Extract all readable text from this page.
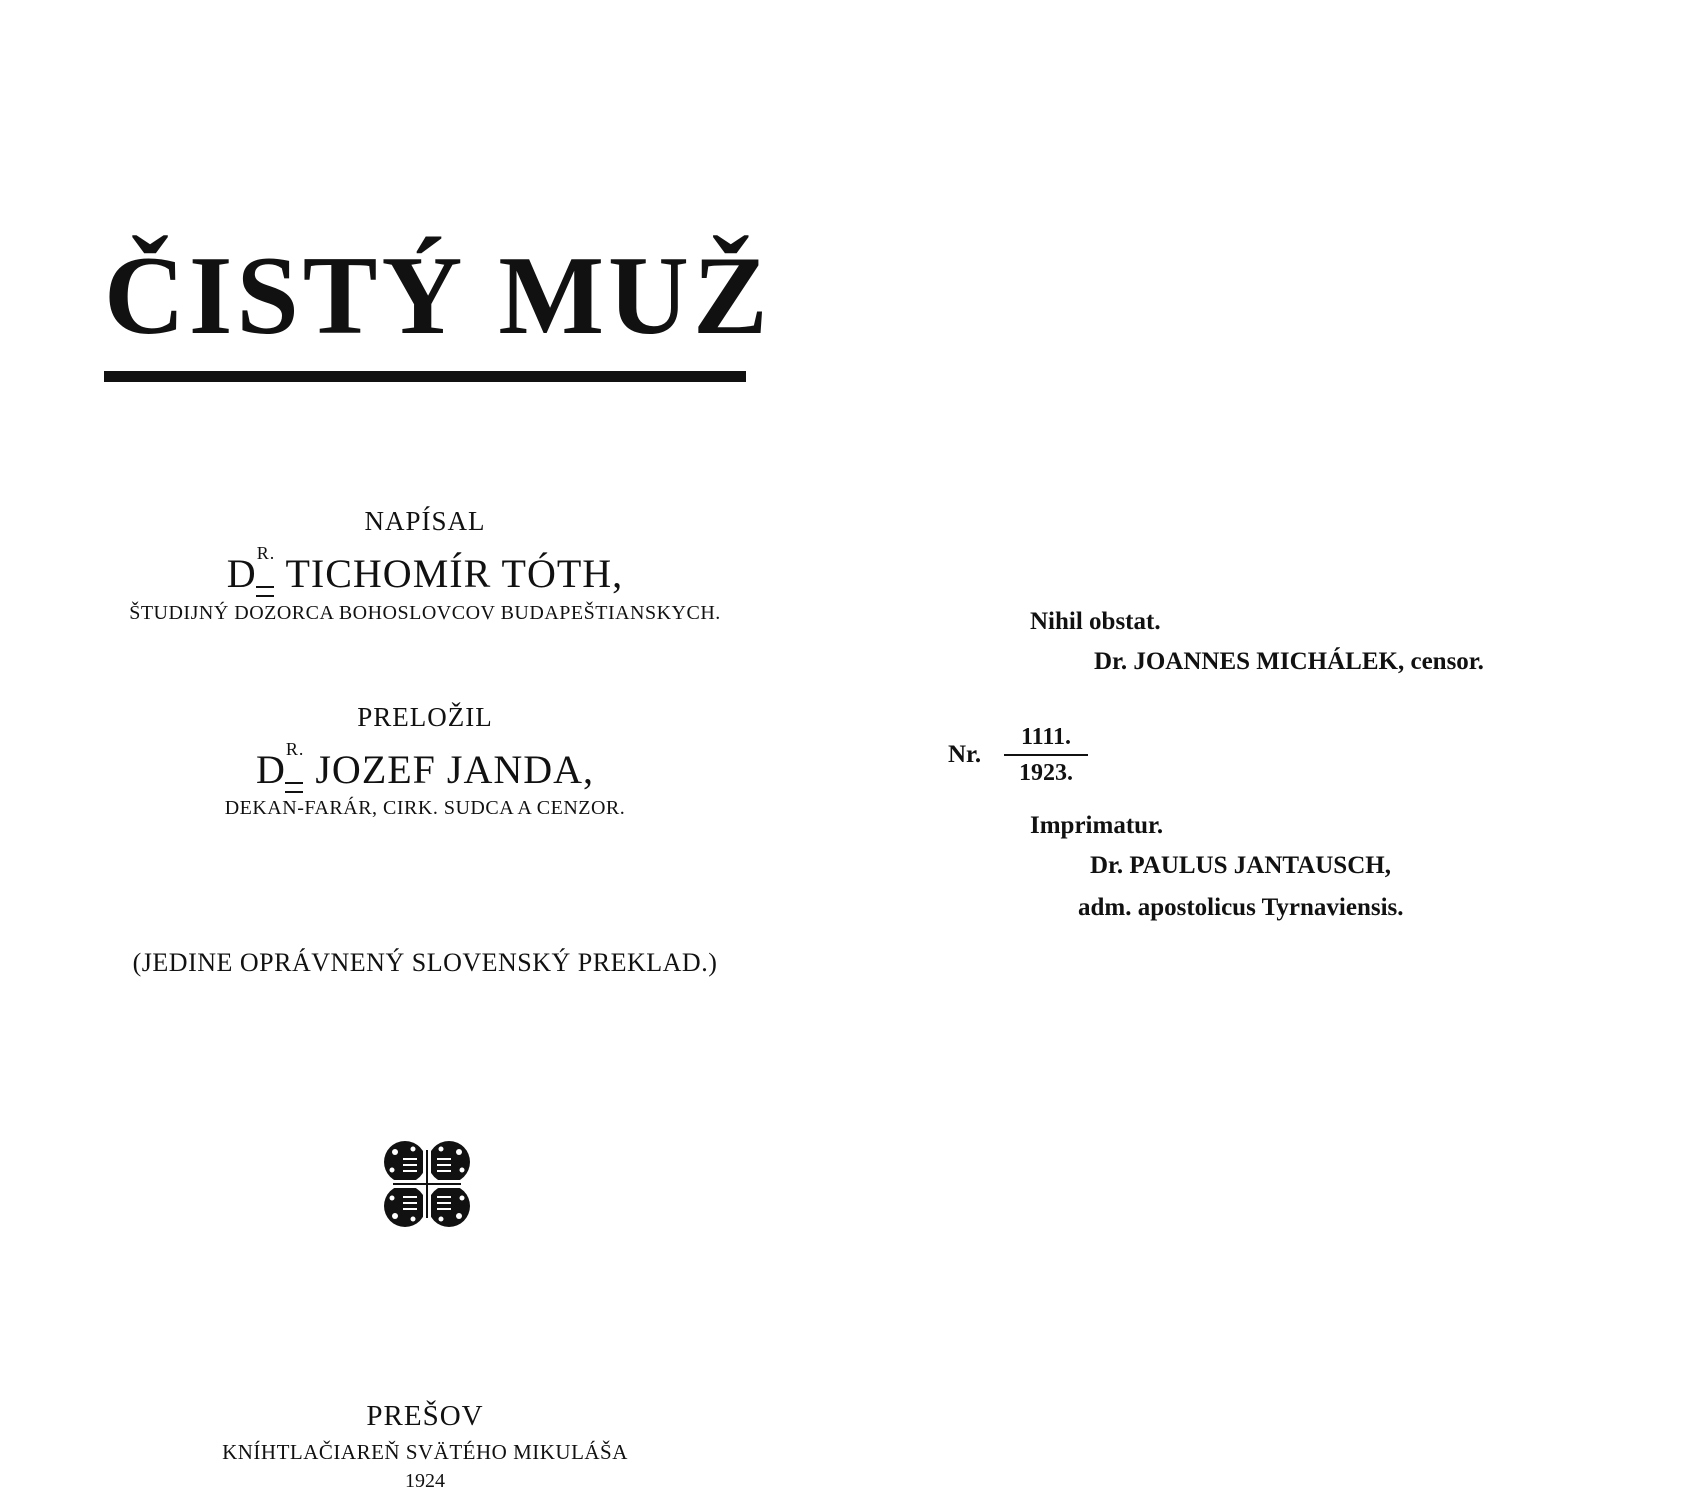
ČISTÝ MUŽ
NAPÍSAL
$D^{R.}$ TICHOMÍR TÓTH,
ŠTUDIJNÝ DOZORCA BOHOSLOVCOV BUDAPEŠTIANSKYCH.
PRELOŽIL
$D^{R.}$ JOZEF JANDA,
DEKAN-FARÁR, CIRK. SUDCA A CENZOR.
(JEDINE OPRÁVNENÝ SLOVENSKÝ PREKLAD.)
PREŠOV
KNÍHTLAČIAREŇ SVÄTÉHO MIKULÁŠA
1924
Nihil obstat.
Dr. JOANNES MICHÁLEK, censor.
Nr.
1111.
1923.
Imprimatur.
Dr. PAULUS JANTAUSCH,
adm. apostolicus Tyrnaviensis.
